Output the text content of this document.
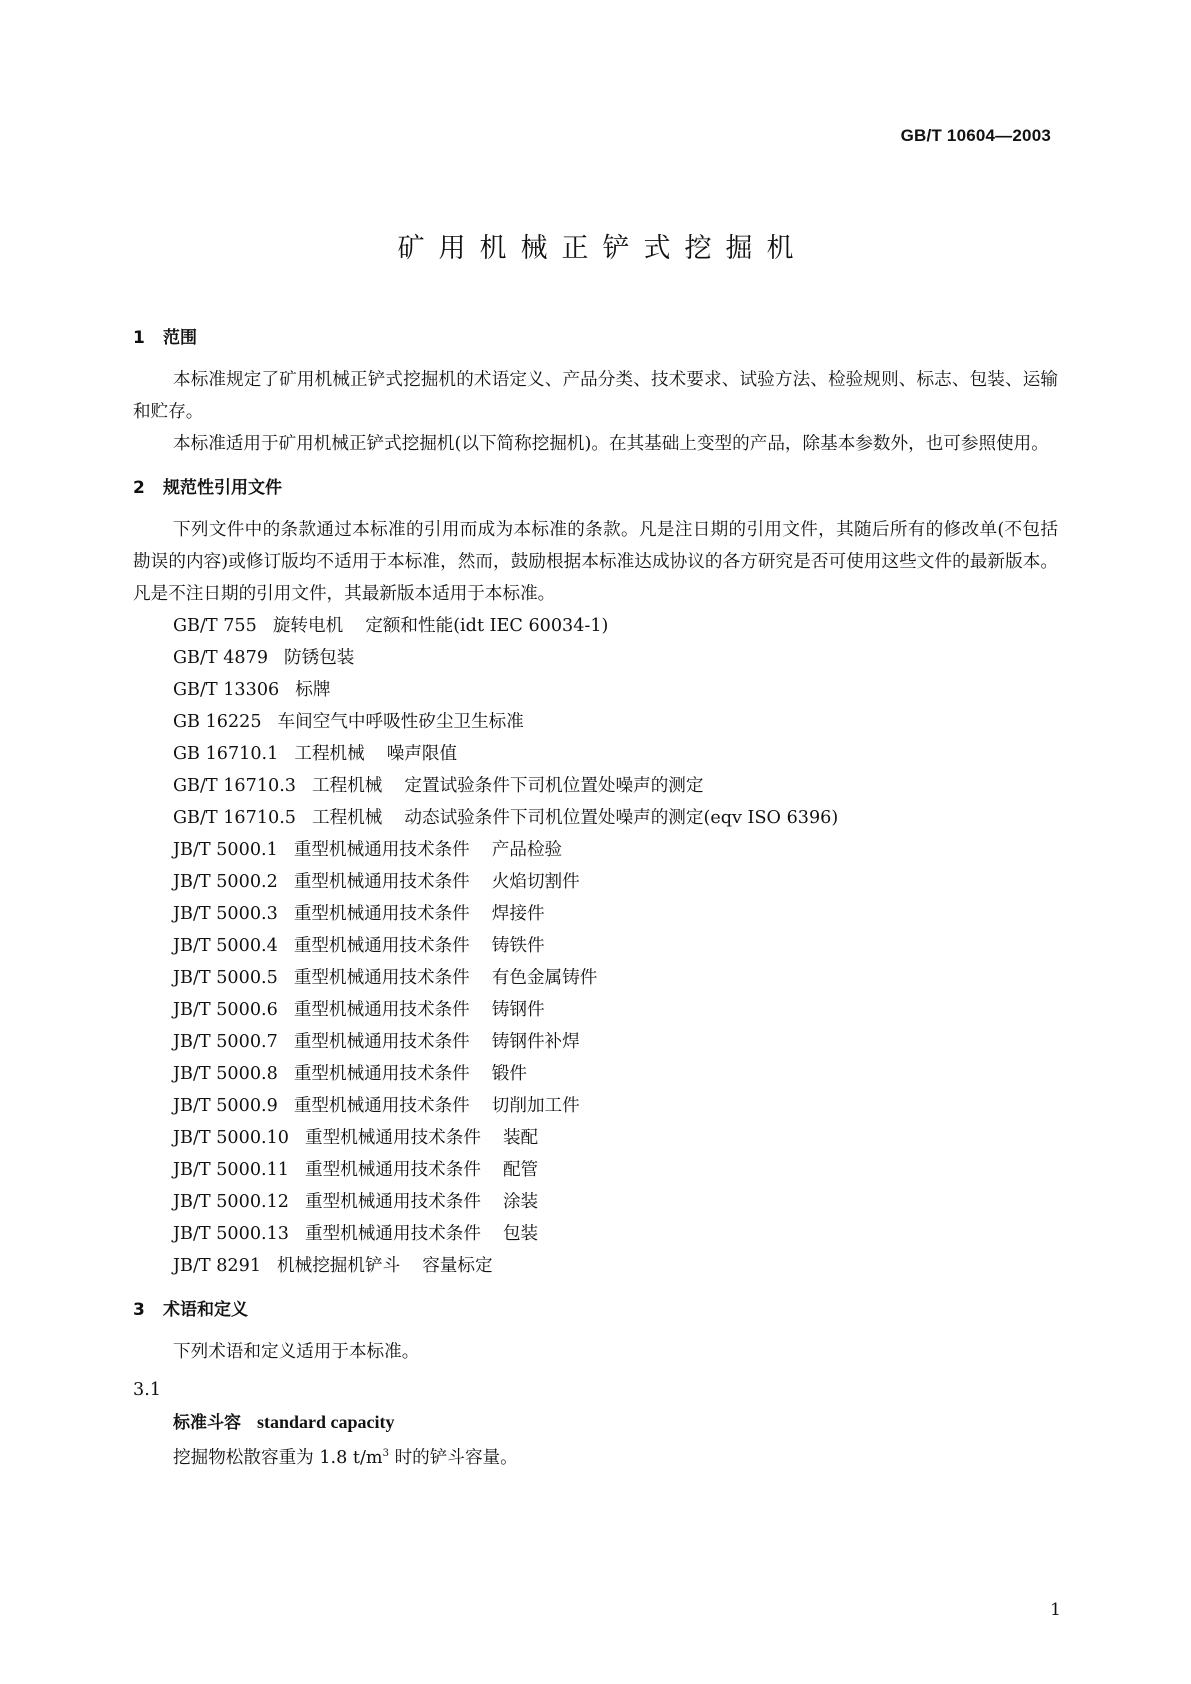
GB/T 10604—2003
矿用机械正铲式挖掘机
1	范围

本标准规定了矿用机械正铲式挖掘机的术语定义、产品分类、技术要求、试验方法、检验规则、标志、包装、运输和贮存。

本标准适用于矿用机械正铲式挖掘机(以下简称挖掘机)。在其基础上变型的产品，除基本参数外，也可参照使用。

2	规范性引用文件

下列文件中的条款通过本标准的引用而成为本标准的条款。凡是注日期的引用文件，其随后所有的修改单(不包括勘误的内容)或修订版均不适用于本标准，然而，鼓励根据本标准达成协议的各方研究是否可使用这些文件的最新版本。凡是不注日期的引用文件，其最新版本适用于本标准。

GB/T 755 旋转电机 定额和性能(idt IEC 60034-1)
GB/T 4879 防锈包装
GB/T 13306 标牌
GB 16225 车间空气中呼吸性矽尘卫生标准
GB 16710.1 工程机械 噪声限值
GB/T 16710.3 工程机械 定置试验条件下司机位置处噪声的测定
GB/T 16710.5 工程机械 动态试验条件下司机位置处噪声的测定(eqv ISO 6396)
JB/T 5000.1 重型机械通用技术条件 产品检验
JB/T 5000.2 重型机械通用技术条件 火焰切割件
JB/T 5000.3 重型机械通用技术条件 焊接件
JB/T 5000.4 重型机械通用技术条件 铸铁件
JB/T 5000.5 重型机械通用技术条件 有色金属铸件
JB/T 5000.6 重型机械通用技术条件 铸钢件
JB/T 5000.7 重型机械通用技术条件 铸钢件补焊
JB/T 5000.8 重型机械通用技术条件 锻件
JB/T 5000.9 重型机械通用技术条件 切削加工件
JB/T 5000.10 重型机械通用技术条件 装配
JB/T 5000.11 重型机械通用技术条件 配管
JB/T 5000.12 重型机械通用技术条件 涂装
JB/T 5000.13 重型机械通用技术条件 包装
JB/T 8291 机械挖掘机铲斗 容量标定
3	术语和定义

下列术语和定义适用于本标准。

3.1
标准斗容 standard capacity
挖掘物松散容重为 1.8 $t/m^3$ 时的铲斗容量。
1
